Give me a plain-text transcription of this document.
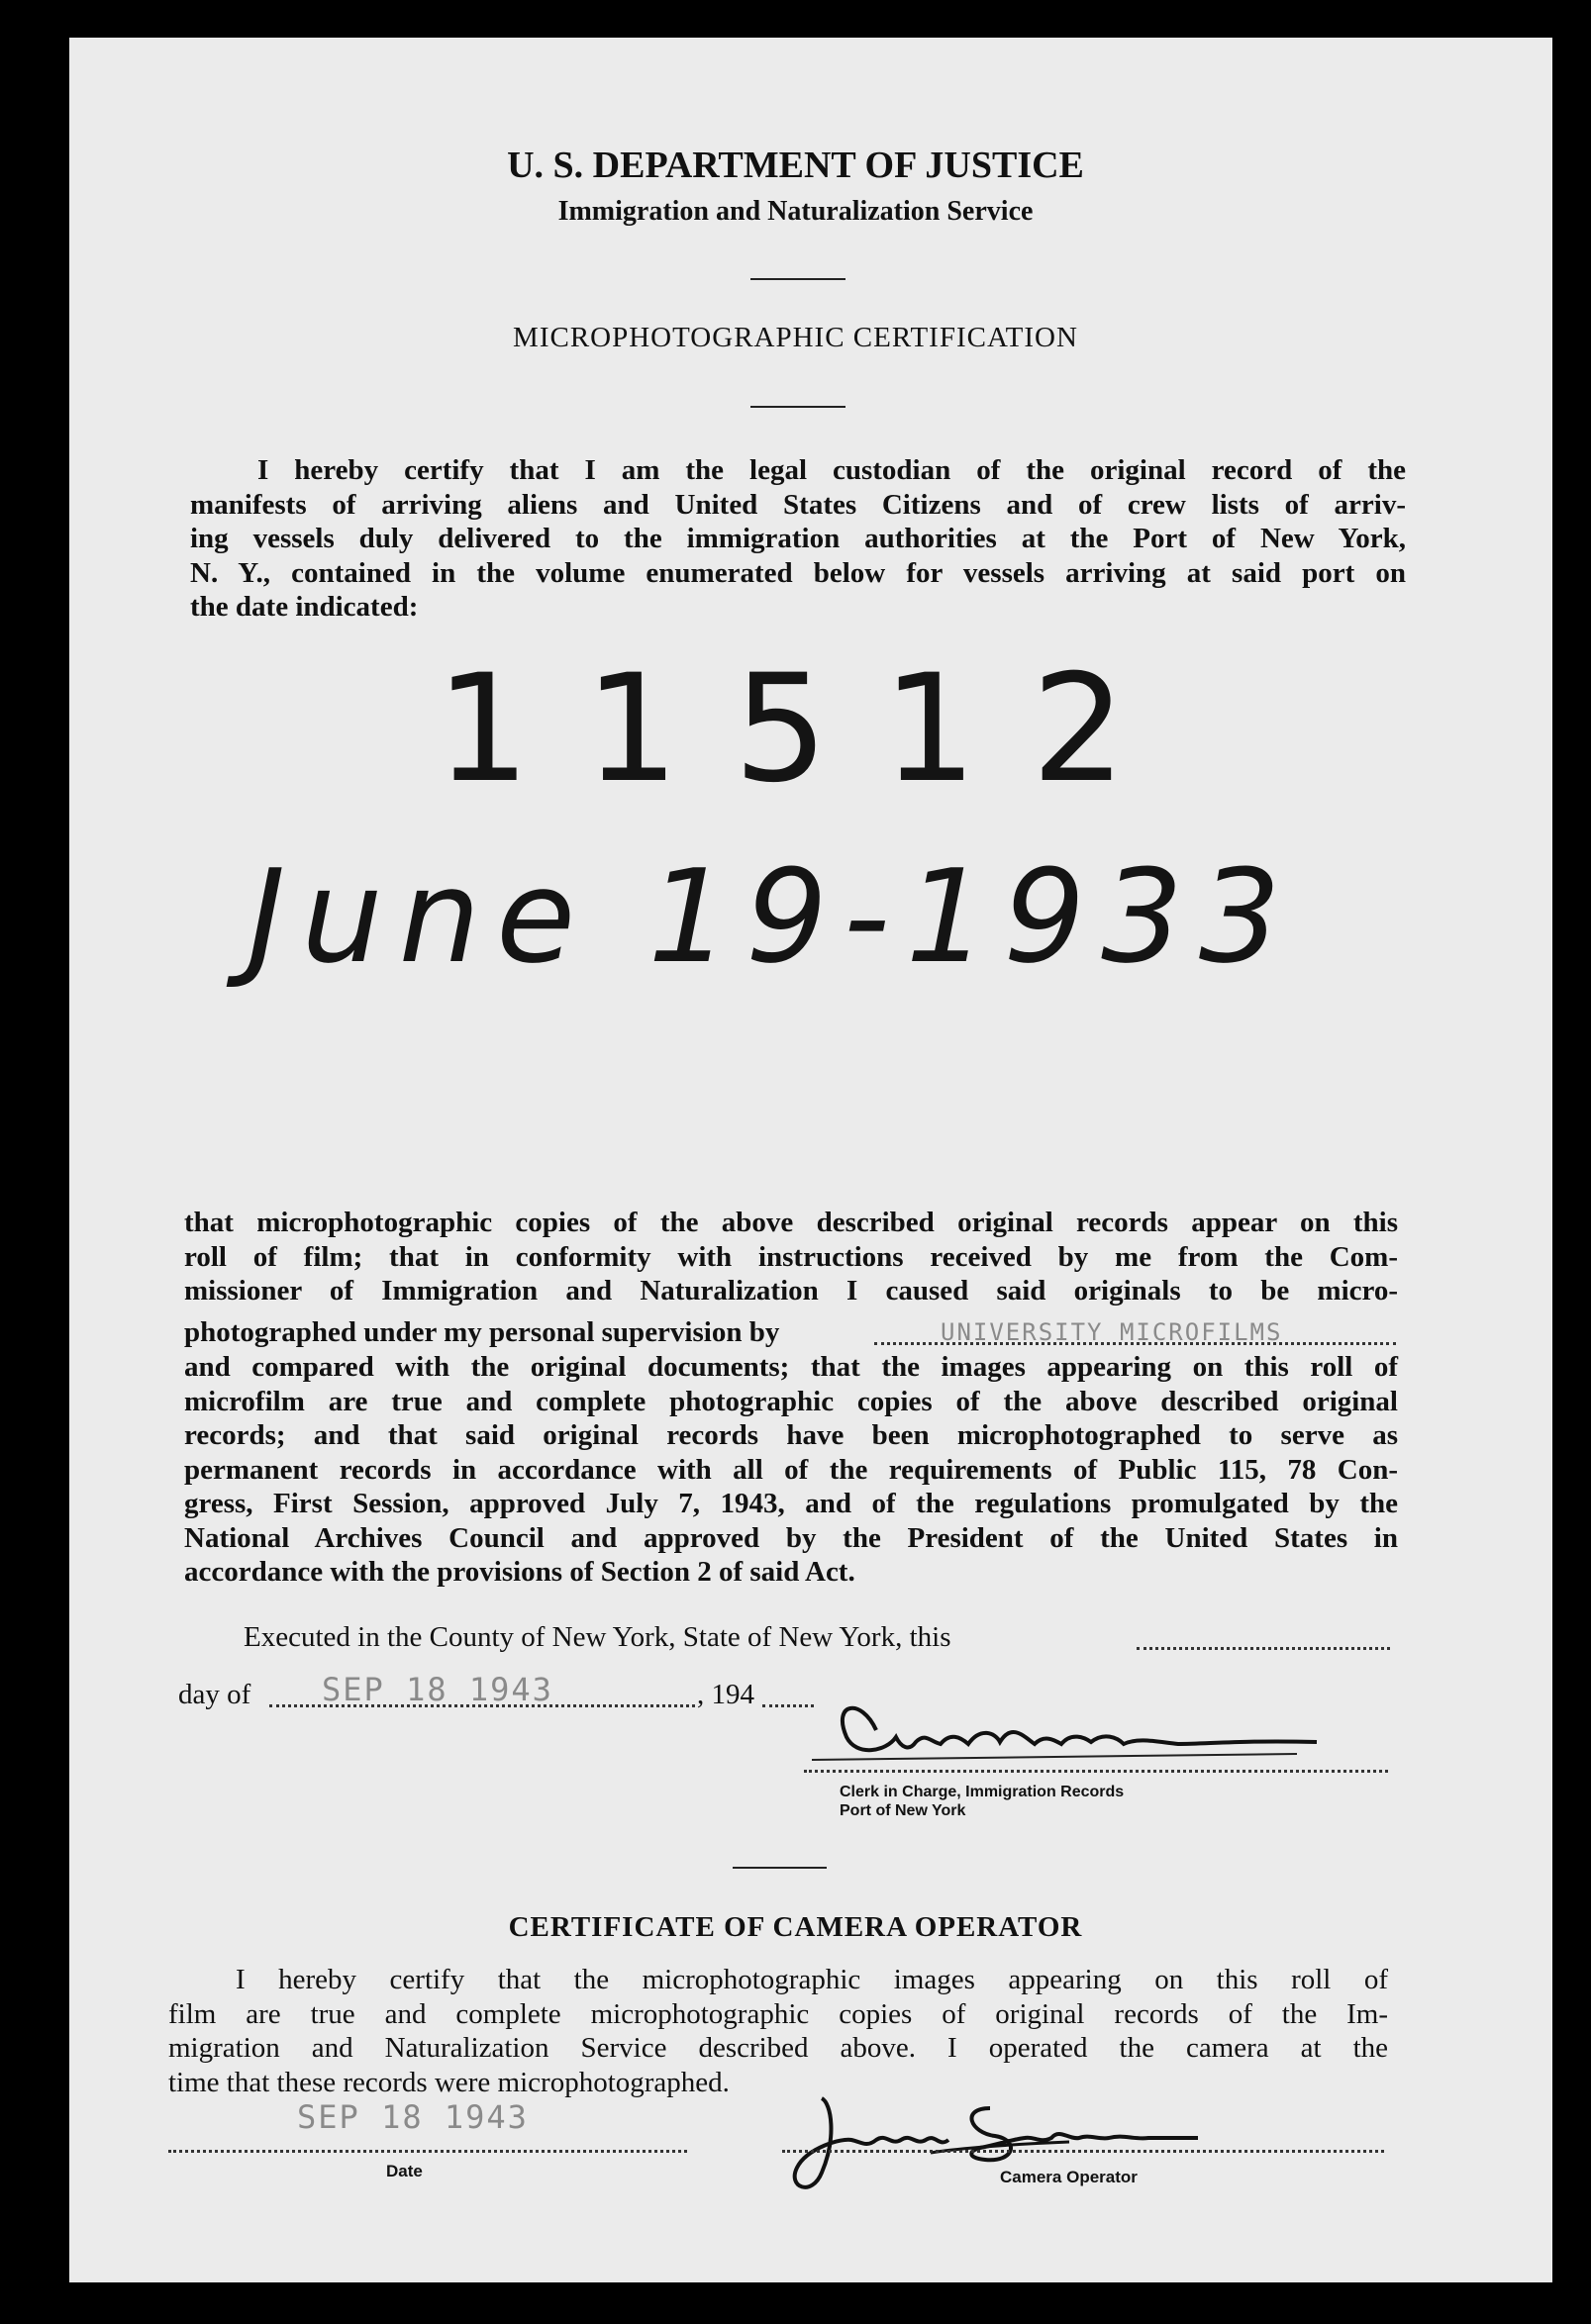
U. S. DEPARTMENT OF JUSTICE
Immigration and Naturalization Service
MICROPHOTOGRAPHIC CERTIFICATION
I hereby certify that I am the legal custodian of the original record of the
manifests of arriving aliens and United States Citizens and of crew lists of arriv-
ing vessels duly delivered to the immigration authorities at the Port of New York,
N. Y., contained in the volume enumerated below for vessels arriving at said port on
the date indicated:
11512
June 19-1933
that microphotographic copies of the above described original records appear on this
roll of film; that in conformity with instructions received by me from the Com-
missioner of Immigration and Naturalization I caused said originals to be micro-
photographed under my personal supervision by	UNIVERSITY MICROFILMS
and compared with the original documents; that the images appearing on this roll of
microfilm are true and complete photographic copies of the above described original
records; and that said original records have been microphotographed to serve as
permanent records in accordance with all of the requirements of Public 115, 78 Con-
gress, First Session, approved July 7, 1943, and of the regulations promulgated by the
National Archives Council and approved by the President of the United States in
accordance with the provisions of Section 2 of said Act.
Executed in the County of New York, State of New York, this
day of SEP 18 1943	, 194
Clerk in Charge, Immigration Records
Port of New York
CERTIFICATE OF CAMERA OPERATOR
I hereby certify that the microphotographic images appearing on this roll of
film are true and complete microphotographic copies of original records of the Im-
migration and Naturalization Service described above. I operated the camera at the
time that these records were microphotographed.
SEP 18 1943
Date	Camera Operator
